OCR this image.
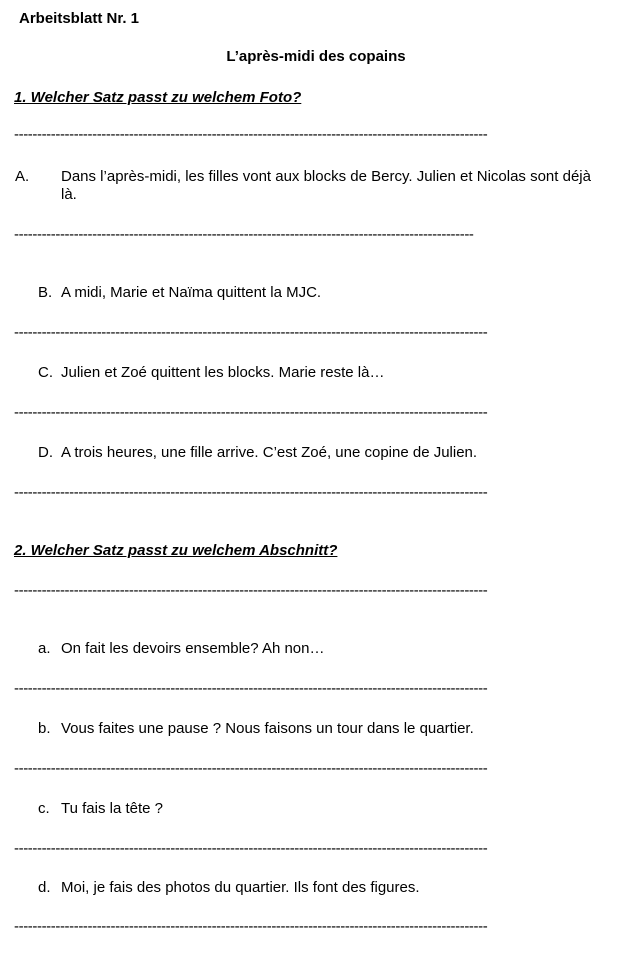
Arbeitsblatt Nr. 1
L’après-midi des copains
1. Welcher Satz passt zu welchem Foto?
-------------------------------------------------------------------------------------------------------
A. Dans l’après-midi, les filles vont aux blocks de Bercy. Julien et Nicolas sont déjà là.
----------------------------------------------------------------------------------------------------
B. A midi, Marie et Naïma quittent la MJC.
-------------------------------------------------------------------------------------------------------
C. Julien et Zoé quittent les blocks. Marie reste là…
-------------------------------------------------------------------------------------------------------
D. A trois heures, une fille arrive. C’est Zoé, une copine de Julien.
-------------------------------------------------------------------------------------------------------
2. Welcher Satz passt zu welchem Abschnitt?
-------------------------------------------------------------------------------------------------------
a. On fait les devoirs ensemble? Ah non…
-------------------------------------------------------------------------------------------------------
b. Vous faites une pause ? Nous faisons un tour dans le quartier.
-------------------------------------------------------------------------------------------------------
c. Tu fais la tête ?
-------------------------------------------------------------------------------------------------------
d. Moi, je fais des photos du quartier. Ils font des figures.
-------------------------------------------------------------------------------------------------------
